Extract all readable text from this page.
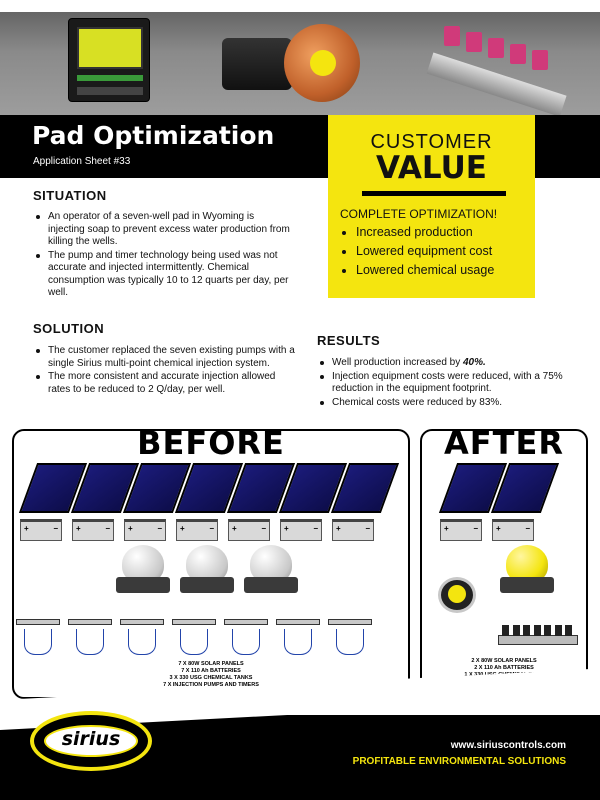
Pad Optimization
Application Sheet #33
CUSTOMER
VALUE
COMPLETE OPTIMIZATION!
Increased production
Lowered equipment cost
Lowered chemical usage
SITUATION
An operator of a seven-well pad in Wyoming is injecting soap to prevent excess water production from killing the wells.
The pump and timer technology being used was not accurate and injected intermittently. Chemical consumption was typically 10 to 12 quarts per day, per well.
SOLUTION
The customer replaced the seven existing pumps with a single Sirius multi-point chemical injection system.
The more consistent and accurate injection allowed rates to be reduced to 2 Q/day, per well.
RESULTS
Well production increased by 40%.
Injection equipment costs were reduced, with a 75% reduction in the equipment footprint.
Chemical costs were reduced by 83%.
BEFORE
+	− +	− +	− +	− +	− +	− +	−
7 X 80W SOLAR PANELS
7 X 110 Ah BATTERIES
3 X 330 USG CHEMICAL TANKS
7 X INJECTION PUMPS AND TIMERS
AFTER
+	− +	−
2 X 80W SOLAR PANELS
2 X 110 Ah BATTERIES
sirius	www.siriuscontrols.com
PROFITABLE ENVIRONMENTAL SOLUTIONS
